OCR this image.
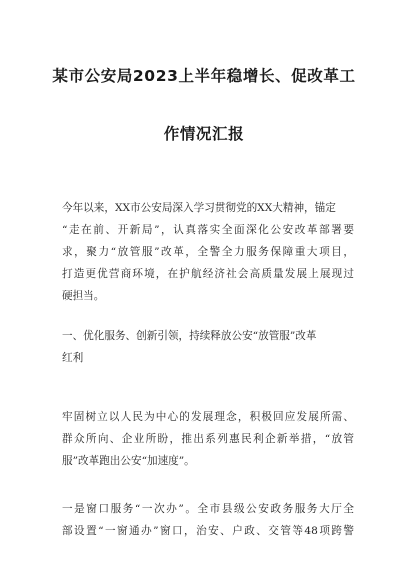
某市公安局2023上半年稳增长、促改革工
作情况汇报
今年以来，XX市公安局深入学习贯彻党的XX大精神，锚定
“走在前、开新局”，认真落实全面深化公安改革部署要
求，聚力“放管服”改革，全警全力服务保障重大项目，
打造更优营商环境，在护航经济社会高质量发展上展现过
硬担当。
一、优化服务、创新引领，持续释放公安“放管服”改革
红利
牢固树立以人民为中心的发展理念，积极回应发展所需、
群众所向、企业所盼，推出系列惠民利企新举措，“放管
服”改革跑出公安“加速度”。
一是窗口服务“一次办”。全市县级公安政务服务大厅全
部设置“一窗通办”窗口，治安、户政、交管等48项跨警
